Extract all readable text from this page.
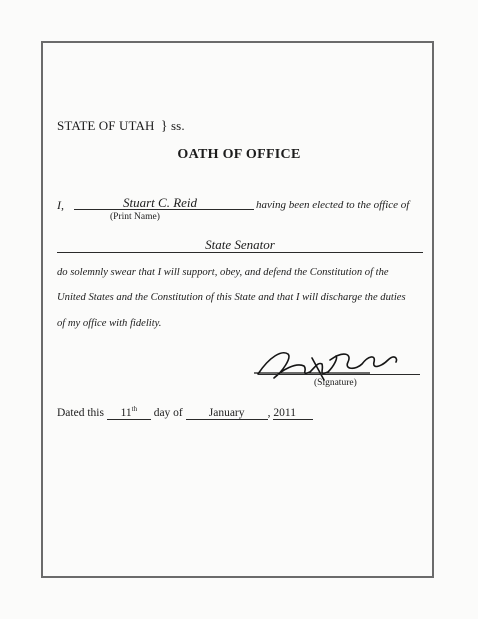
STATE OF UTAH } ss.
OATH OF OFFICE
I,	Stuart C. Reid
(Print Name)
having been elected to the office of
State Senator
do solemnly swear that I will support, obey, and defend the Constitution of the
United States and the Constitution of this State and that I will discharge the duties
of my office with fidelity.
(Signature)
Dated this 11th day of January , 2011
